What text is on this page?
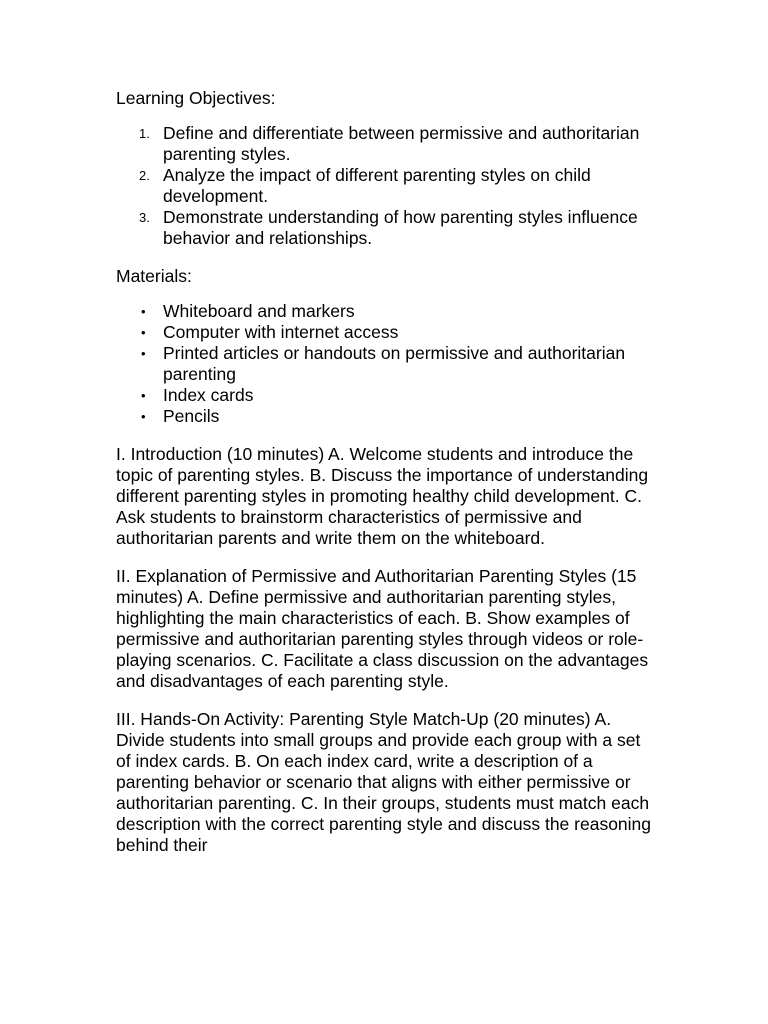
Learning Objectives:

1. Define and differentiate between permissive and authoritarian parenting styles.
2. Analyze the impact of different parenting styles on child development.
3. Demonstrate understanding of how parenting styles influence behavior and relationships.

Materials:

• Whiteboard and markers
• Computer with internet access
• Printed articles or handouts on permissive and authoritarian parenting
• Index cards
• Pencils

I. Introduction (10 minutes) A. Welcome students and introduce the topic of parenting styles. B. Discuss the importance of understanding different parenting styles in promoting healthy child development. C. Ask students to brainstorm characteristics of permissive and authoritarian parents and write them on the whiteboard.

II. Explanation of Permissive and Authoritarian Parenting Styles (15 minutes) A. Define permissive and authoritarian parenting styles, highlighting the main characteristics of each. B. Show examples of permissive and authoritarian parenting styles through videos or role-playing scenarios. C. Facilitate a class discussion on the advantages and disadvantages of each parenting style.

III. Hands-On Activity: Parenting Style Match-Up (20 minutes) A. Divide students into small groups and provide each group with a set of index cards. B. On each index card, write a description of a parenting behavior or scenario that aligns with either permissive or authoritarian parenting. C. In their groups, students must match each description with the correct parenting style and discuss the reasoning behind their
